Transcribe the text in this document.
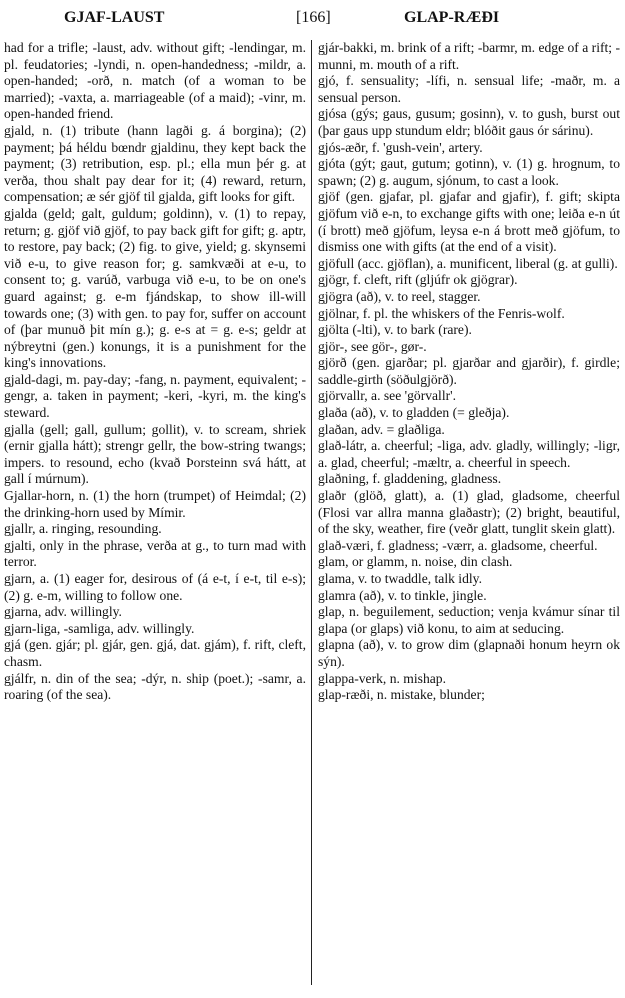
GJAF-LAUST	[166]	GLAP-RÆÐI

had for a trifle; -laust, adv. without gift; -lendingar, m. pl. feudatories; -lyndi, n. open-handedness; -mildr, a. open-handed; -orð, n. match (of a woman to be married); -vaxta, a. marriageable (of a maid); -vinr, m. open-handed friend.

gjald, n. (1) tribute (hann lagði g. á borgina); (2) payment; þá héldu bœndr gjaldinu, they kept back the payment; (3) retribution, esp. pl.; ella mun þér g. at verða, thou shalt pay dear for it; (4) reward, return, compensation; æ sér gjöf til gjalda, gift looks for gift.

gjalda (geld; galt, guldum; goldinn), v. (1) to repay, return; g. gjöf við gjöf, to pay back gift for gift; g. aptr, to restore, pay back; (2) fig. to give, yield; g. skynsemi við e-u, to give reason for; g. samkvæði at e-u, to consent to; g. varúð, varbuga við e-u, to be on one's guard against; g. e-m fjándskap, to show ill-will towards one; (3) with gen. to pay for, suffer on account of (þar munuð þit mín g.); g. e-s at = g. e-s; geldr at nýbreytni (gen.) konungs, it is a punishment for the king's innovations.

gjald-dagi, m. pay-day; -fang, n. payment, equivalent; -gengr, a. taken in payment; -keri, -kyri, m. the king's steward.

gjalla (gell; gall, gullum; gollit), v. to scream, shriek (ernir gjalla hátt); strengr gellr, the bow-string twangs; impers. to resound, echo (kvað Þorsteinn svá hátt, at gall í múrnum).

Gjallar-horn, n. (1) the horn (trumpet) of Heimdal; (2) the drinking-horn used by Mímir.

gjallr, a. ringing, resounding.

gjalti, only in the phrase, verða at g., to turn mad with terror.

gjarn, a. (1) eager for, desirous of (á e-t, í e-t, til e-s); (2) g. e-m, willing to follow one.

gjarna, adv. willingly.

gjarn-liga, -samliga, adv. willingly.

gjá (gen. gjár; pl. gjár, gen. gjá, dat. gjám), f. rift, cleft, chasm.

gjálfr, n. din of the sea; -dýr, n. ship (poet.); -samr, a. roaring (of the sea).

gjár-bakki, m. brink of a rift; -barmr, m. edge of a rift; -munni, m. mouth of a rift.

gjó, f. sensuality; -lífi, n. sensual life; -maðr, m. a sensual person.

gjósa (gýs; gaus, gusum; gosinn), v. to gush, burst out (þar gaus upp stundum eldr; blóðit gaus ór sárinu).

gjós-æðr, f. 'gush-vein', artery.

gjóta (gýt; gaut, gutum; gotinn), v. (1) g. hrognum, to spawn; (2) g. augum, sjónum, to cast a look.

gjöf (gen. gjafar, pl. gjafar and gjafir), f. gift; skipta gjöfum við e-n, to exchange gifts with one; leiða e-n út (í brott) með gjöfum, leysa e-n á brott með gjöfum, to dismiss one with gifts (at the end of a visit).

gjöfull (acc. gjöflan), a. munificent, liberal (g. at gulli).

gjögr, f. cleft, rift (gljúfr ok gjögrar).

gjögra (að), v. to reel, stagger.

gjölnar, f. pl. the whiskers of the Fenris-wolf.

gjölta (-lti), v. to bark (rare).

gjör-, see gör-, gør-.

gjörð (gen. gjarðar; pl. gjarðar and gjarðir), f. girdle; saddle-girth (söðulgjörð).

gjörvallr, a. see 'görvallr'.

glaða (að), v. to gladden (= gleðja).

glaðan, adv. = glaðliga.

glað-látr, a. cheerful; -liga, adv. gladly, willingly; -ligr, a. glad, cheerful; -mæltr, a. cheerful in speech.

glaðning, f. gladdening, gladness.

glaðr (glöð, glatt), a. (1) glad, gladsome, cheerful (Flosi var allra manna glaðastr); (2) bright, beautiful, of the sky, weather, fire (veðr glatt, tunglit skein glatt).

glað-væri, f. gladness; -værr, a. gladsome, cheerful.

glam, or glamm, n. noise, din clash.

glama, v. to twaddle, talk idly.

glamra (að), v. to tinkle, jingle.

glap, n. beguilement, seduction; venja kvámur sínar til glapa (or glaps) við konu, to aim at seducing.

glapna (að), v. to grow dim (glapnaði honum heyrn ok sýn).

glappa-verk, n. mishap.

glap-ræði, n. mistake, blunder;
